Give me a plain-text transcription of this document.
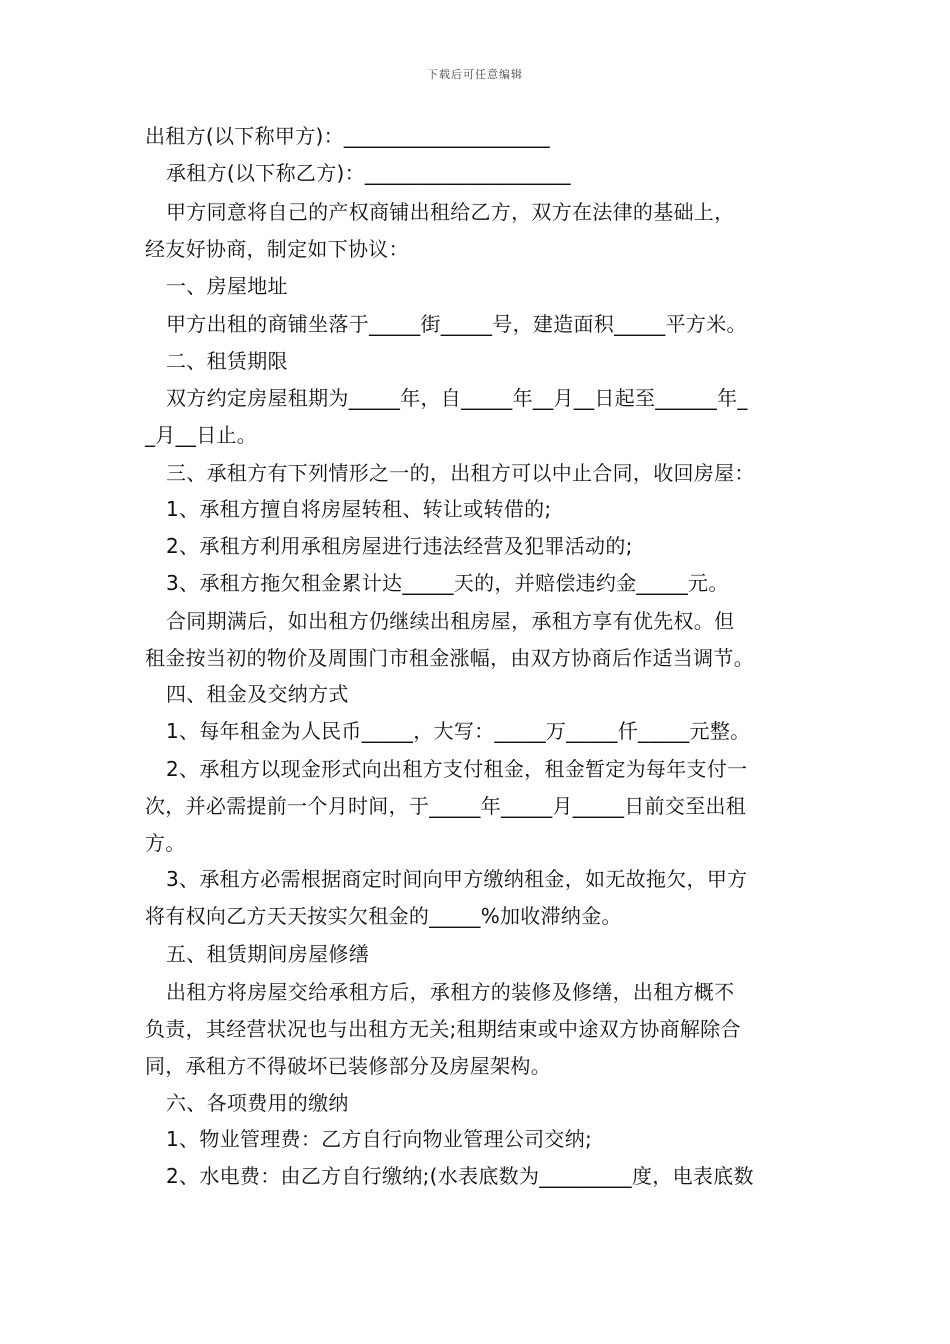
下载后可任意编辑
出租方(以下称甲方)：____________________
承租方(以下称乙方)：____________________
甲方同意将自己的产权商铺出租给乙方，双方在法律的基础上，
经友好协商，制定如下协议：
一、房屋地址
甲方出租的商铺坐落于_____街_____号，建造面积_____平方米。
二、租赁期限
双方约定房屋租期为_____年，自_____年__月__日起至______年_
_月__日止。
三、承租方有下列情形之一的，出租方可以中止合同，收回房屋：
1、承租方擅自将房屋转租、转让或转借的;
2、承租方利用承租房屋进行违法经营及犯罪活动的;
3、承租方拖欠租金累计达_____天的，并赔偿违约金_____元。
合同期满后，如出租方仍继续出租房屋，承租方享有优先权。但
租金按当初的物价及周围门市租金涨幅，由双方协商后作适当调节。
四、租金及交纳方式
1、每年租金为人民币_____，大写：_____万_____仟_____元整。
2、承租方以现金形式向出租方支付租金，租金暂定为每年支付一
次，并必需提前一个月时间，于_____年_____月_____日前交至出租
方。
3、承租方必需根据商定时间向甲方缴纳租金，如无故拖欠，甲方
将有权向乙方天天按实欠租金的_____%加收滞纳金。
五、租赁期间房屋修缮
出租方将房屋交给承租方后，承租方的装修及修缮，出租方概不
负责，其经营状况也与出租方无关;租期结束或中途双方协商解除合
同，承租方不得破坏已装修部分及房屋架构。
六、各项费用的缴纳
1、物业管理费：乙方自行向物业管理公司交纳;
2、水电费：由乙方自行缴纳;(水表底数为_________度，电表底数
